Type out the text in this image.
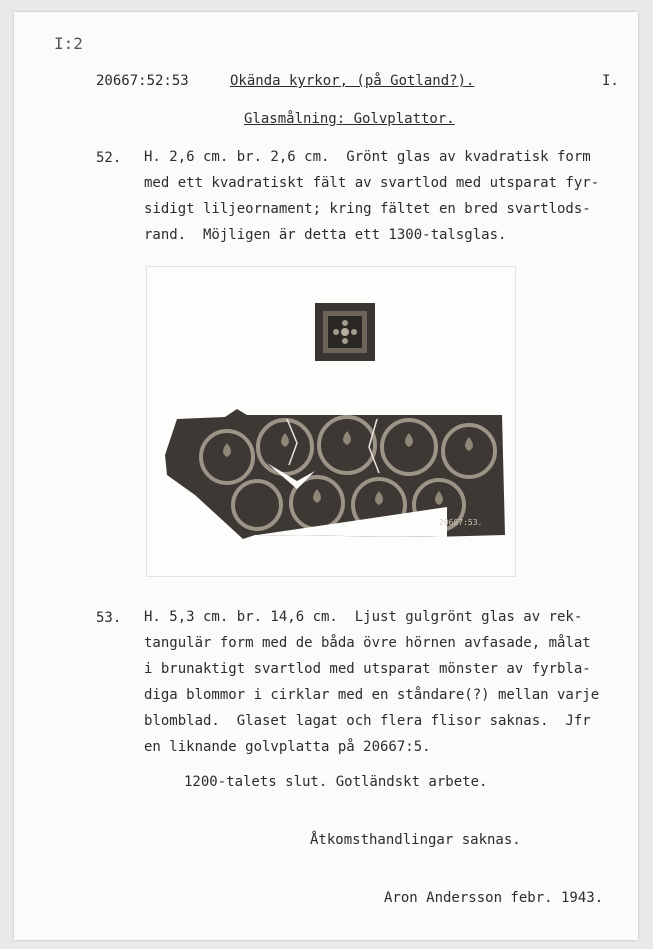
I:2
20667:52:53	Okända kyrkor, (på Gotland?).	I.
Glasmålning: Golvplattor.
52. H. 2,6 cm. br. 2,6 cm.  Grönt glas av kvadratisk form
med ett kvadratiskt fält av svartlod med utsparat fyr-
sidigt liljeornament; kring fältet en bred svartlods-
rand.  Möjligen är detta ett 1300-talsglas.
20667:53.
53. H. 5,3 cm. br. 14,6 cm.  Ljust gulgrönt glas av rek-
tangulär form med de båda övre hörnen avfasade, målat
i brunaktigt svartlod med utsparat mönster av fyrbla-
diga blommor i cirklar med en ståndare(?) mellan varje
blomblad.  Glaset lagat och flera flisor saknas.  Jfr
en liknande golvplatta på 20667:5.
1200-talets slut. Gotländskt arbete.
Åtkomsthandlingar saknas.
Aron Andersson febr. 1943.
